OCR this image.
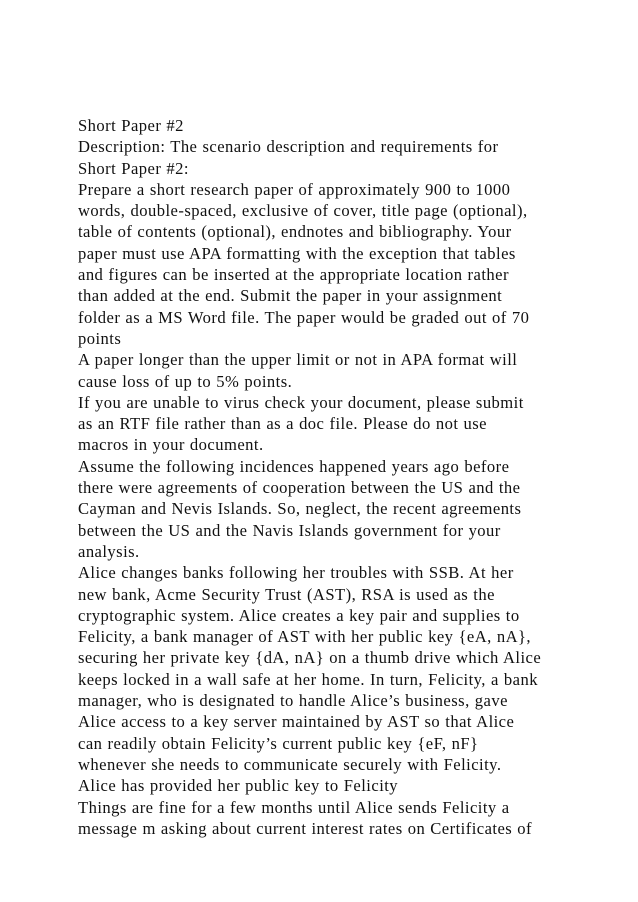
Short Paper #2
Description: The scenario description and requirements for
Short Paper #2:
Prepare a short research paper of approximately 900 to 1000
words, double-spaced, exclusive of cover, title page (optional),
table of contents (optional), endnotes and bibliography. Your
paper must use APA formatting with the exception that tables
and figures can be inserted at the appropriate location rather
than added at the end. Submit the paper in your assignment
folder as a MS Word file. The paper would be graded out of 70
points
A paper longer than the upper limit or not in APA format will
cause loss of up to 5% points.
If you are unable to virus check your document, please submit
as an RTF file rather than as a doc file. Please do not use
macros in your document.
Assume the following incidences happened years ago before
there were agreements of cooperation between the US and the
Cayman and Nevis Islands. So, neglect, the recent agreements
between the US and the Navis Islands government for your
analysis.
Alice changes banks following her troubles with SSB. At her
new bank, Acme Security Trust (AST), RSA is used as the
cryptographic system. Alice creates a key pair and supplies to
Felicity, a bank manager of AST with her public key {eA, nA},
securing her private key {dA, nA} on a thumb drive which Alice
keeps locked in a wall safe at her home. In turn, Felicity, a bank
manager, who is designated to handle Alice’s business, gave
Alice access to a key server maintained by AST so that Alice
can readily obtain Felicity’s current public key {eF, nF}
whenever she needs to communicate securely with Felicity.
Alice has provided her public key to Felicity
Things are fine for a few months until Alice sends Felicity a
message m asking about current interest rates on Certificates of
